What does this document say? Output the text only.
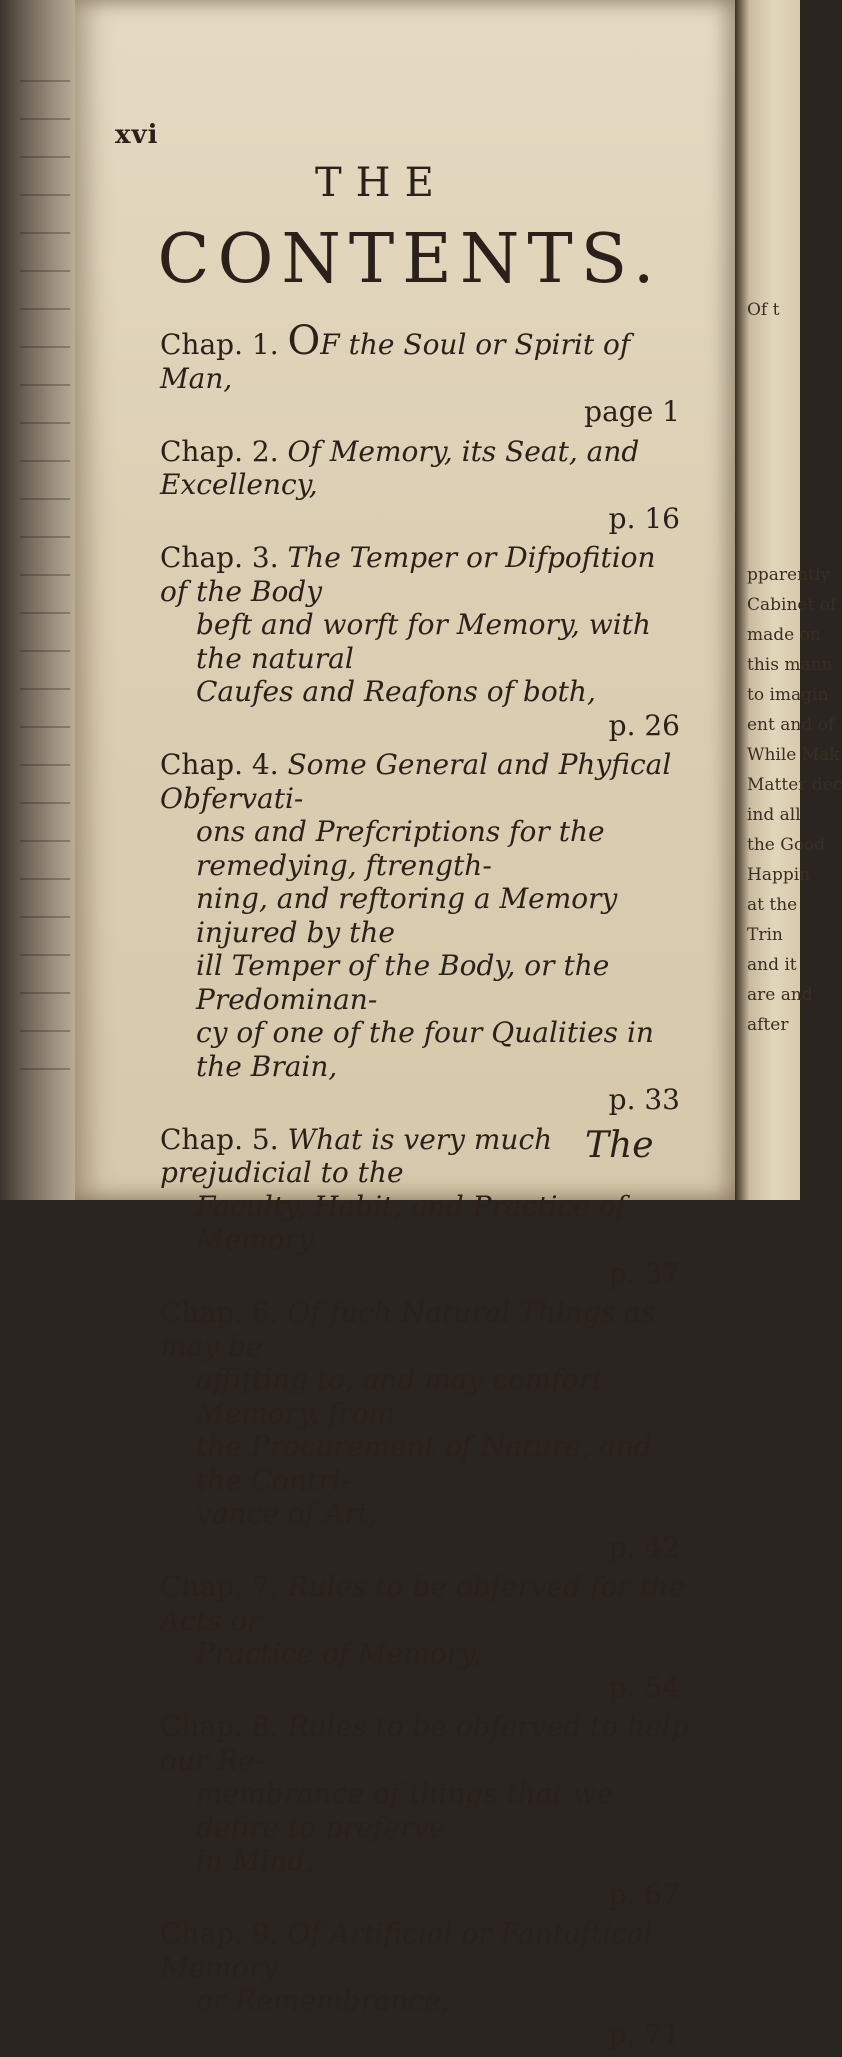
xvi
THE
CONTENTS.
Chap. 1. OF the Soul or Spirit of Man,
page 1
Chap. 2. Of Memory, its Seat, and Excellency,
p. 16
Chap. 3. The Temper or Difpofition of the Body
beft and worft for Memory, with the natural
Caufes and Reafons of both,
p. 26
Chap. 4. Some General and Phyfical Obfervati-
ons and Prefcriptions for the remedying, ftrength-
ning, and reftoring a Memory injured by the
ill Temper of the Body, or the Predominan-
cy of one of the four Qualities in the Brain,
p. 33
Chap. 5. What is very much prejudicial to the
Faculty, Habit, and Practice of Memory.
p. 37
Chap. 6. Of fuch Natural Things as may be
affifting to, and may comfort Memory, from
the Procurement of Nature, and the Contri-
vance of Art,
p. 42
Chap. 7. Rules to be obferved for the Acts or
Practice of Memory,
p. 54
Chap. 8. Rules to be obferved to help our Re-
membrance of things that we defire to preferve
in Mind,
p. 67
Chap. 9. Of Artificial or Fantaftical Memory
or Remembrance,
p. 71
The
Of t
pparently
Cabinet of
made on
this mann
to imagin
ent and of
While Mak
Matter dec
ind all
the Good
Happin
at the
Trin
and it
are and
after
